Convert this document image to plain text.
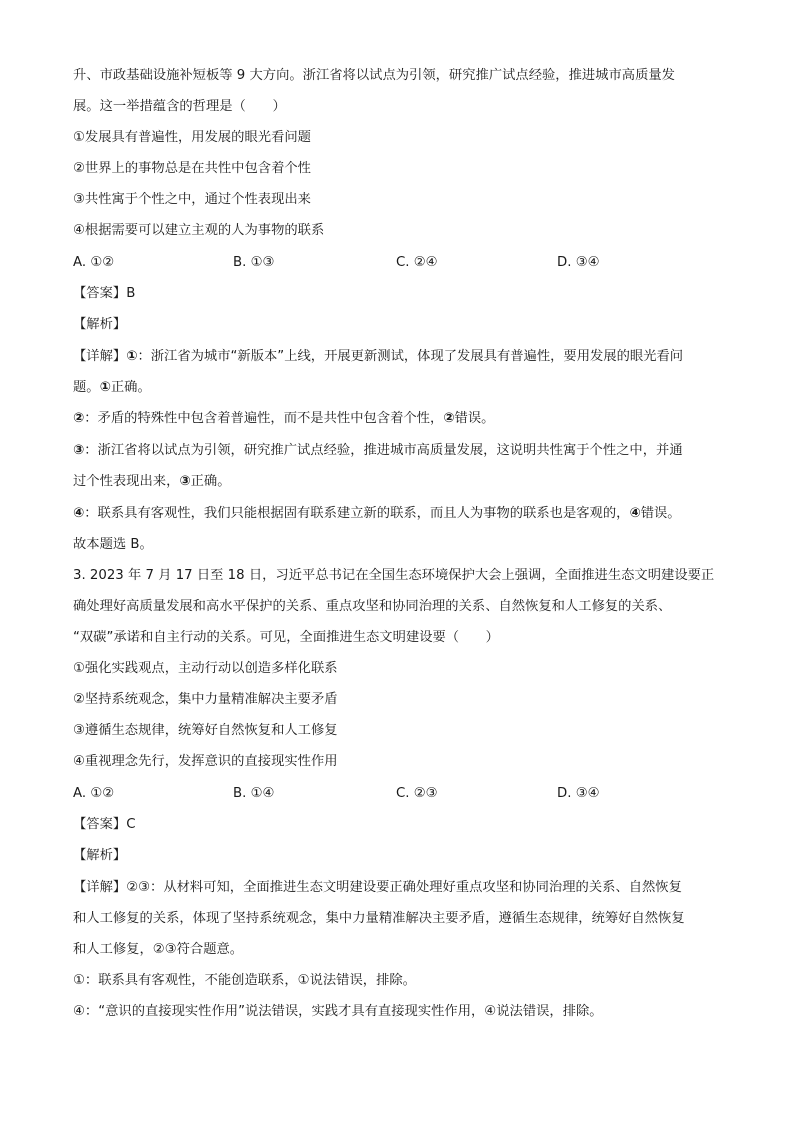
升、市政基础设施补短板等 9 大方向。浙江省将以试点为引领，研究推广试点经验，推进城市高质量发
展。这一举措蕴含的哲理是（　　）
①发展具有普遍性，用发展的眼光看问题
②世界上的事物总是在共性中包含着个性
③共性寓于个性之中，通过个性表现出来
④根据需要可以建立主观的人为事物的联系
A. ①②	B. ①③	C. ②④	D. ③④
【答案】B
【解析】
【详解】①：浙江省为城市“新版本”上线，开展更新测试，体现了发展具有普遍性，要用发展的眼光看问
题。①正确。
②：矛盾的特殊性中包含着普遍性，而不是共性中包含着个性，②错误。
③：浙江省将以试点为引领，研究推广试点经验，推进城市高质量发展，这说明共性寓于个性之中，并通
过个性表现出来，③正确。
④：联系具有客观性，我们只能根据固有联系建立新的联系，而且人为事物的联系也是客观的，④错误。
故本题选 B。
3. 2023 年 7 月 17 日至 18 日，习近平总书记在全国生态环境保护大会上强调，全面推进生态文明建设要正
确处理好高质量发展和高水平保护的关系、重点攻坚和协同治理的关系、自然恢复和人工修复的关系、
“双碳”承诺和自主行动的关系。可见，全面推进生态文明建设要（　　）
①强化实践观点，主动行动以创造多样化联系
②坚持系统观念，集中力量精准解决主要矛盾
③遵循生态规律，统筹好自然恢复和人工修复
④重视理念先行，发挥意识的直接现实性作用
A. ①②	B. ①④	C. ②③	D. ③④
【答案】C
【解析】
【详解】②③：从材料可知，全面推进生态文明建设要正确处理好重点攻坚和协同治理的关系、自然恢复
和人工修复的关系，体现了坚持系统观念，集中力量精准解决主要矛盾，遵循生态规律，统筹好自然恢复
和人工修复，②③符合题意。
①：联系具有客观性，不能创造联系，①说法错误，排除。
④：“意识的直接现实性作用”说法错误，实践才具有直接现实性作用，④说法错误，排除。
